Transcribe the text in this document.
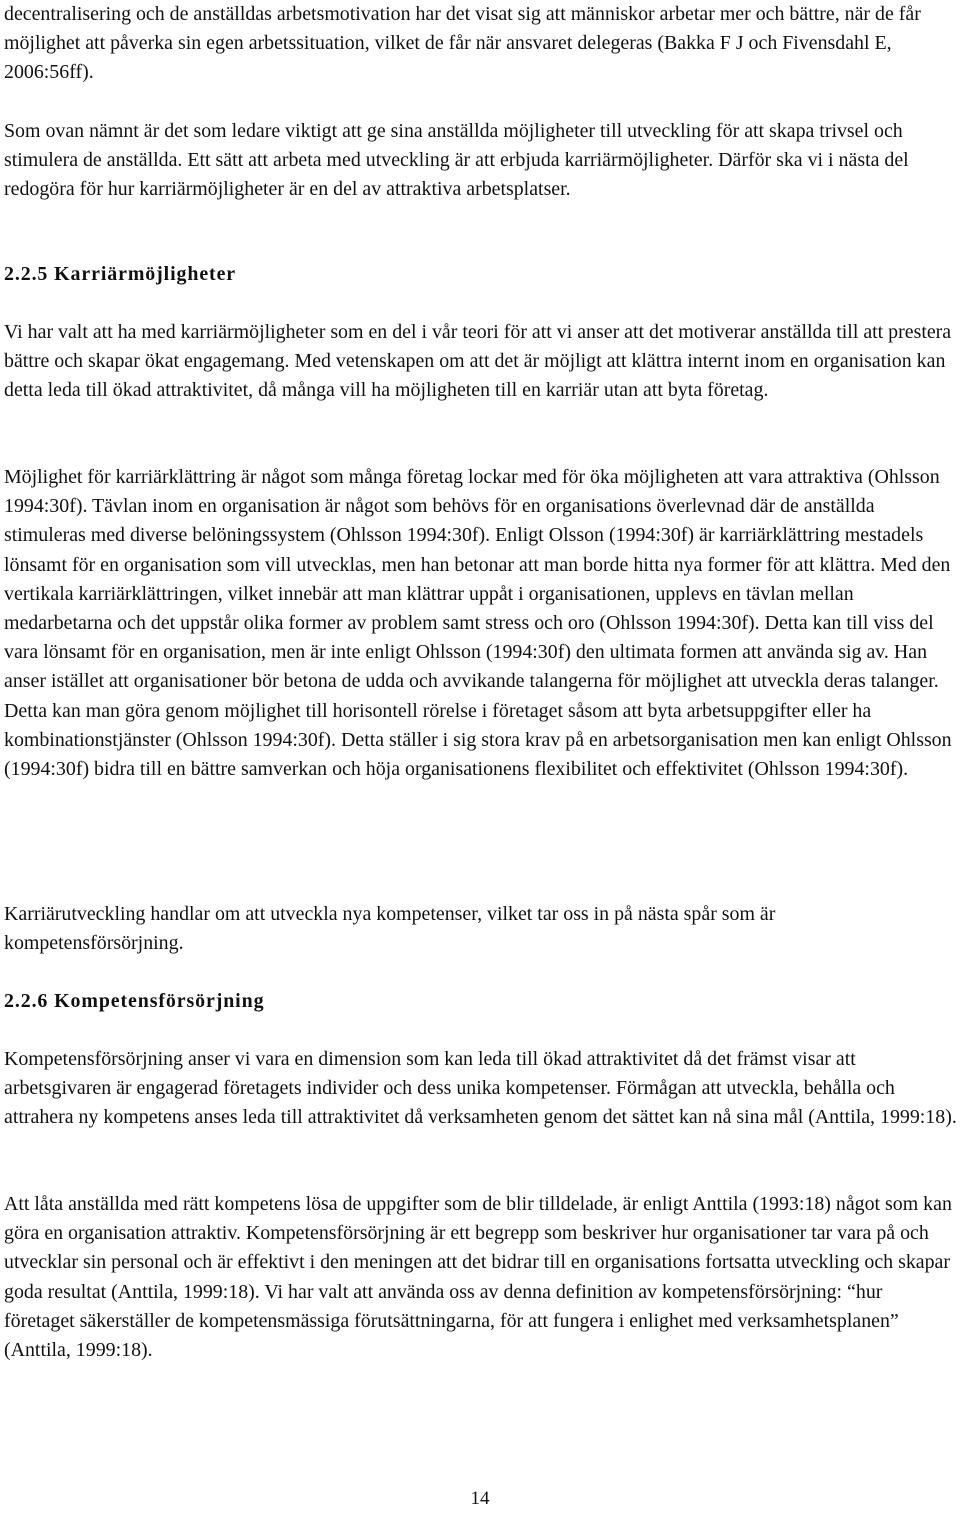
decentralisering och de anställdas arbetsmotivation har det visat sig att människor arbetar mer och bättre, när de får möjlighet att påverka sin egen arbetssituation, vilket de får när ansvaret delegeras (Bakka F J och Fivensdahl E, 2006:56ff).

Som ovan nämnt är det som ledare viktigt att ge sina anställda möjligheter till utveckling för att skapa trivsel och stimulera de anställda. Ett sätt att arbeta med utveckling är att erbjuda karriärmöjligheter. Därför ska vi i nästa del redogöra för hur karriärmöjligheter är en del av attraktiva arbetsplatser.

2.2.5 Karriärmöjligheter

Vi har valt att ha med karriärmöjligheter som en del i vår teori för att vi anser att det motiverar anställda till att prestera bättre och skapar ökat engagemang. Med vetenskapen om att det är möjligt att klättra internt inom en organisation kan detta leda till ökad attraktivitet, då många vill ha möjligheten till en karriär utan att byta företag.

Möjlighet för karriärklättring är något som många företag lockar med för öka möjligheten att vara attraktiva (Ohlsson 1994:30f). Tävlan inom en organisation är något som behövs för en organisations överlevnad där de anställda stimuleras med diverse belöningssystem (Ohlsson 1994:30f). Enligt Olsson (1994:30f) är karriärklättring mestadels lönsamt för en organisation som vill utvecklas, men han betonar att man borde hitta nya former för att klättra. Med den vertikala karriärklättringen, vilket innebär att man klättrar uppåt i organisationen, upplevs en tävlan mellan medarbetarna och det uppstår olika former av problem samt stress och oro (Ohlsson 1994:30f). Detta kan till viss del vara lönsamt för en organisation, men är inte enligt Ohlsson (1994:30f) den ultimata formen att använda sig av. Han anser istället att organisationer bör betona de udda och avvikande talangerna för möjlighet att utveckla deras talanger. Detta kan man göra genom möjlighet till horisontell rörelse i företaget såsom att byta arbetsuppgifter eller ha kombinationstjänster (Ohlsson 1994:30f). Detta ställer i sig stora krav på en arbetsorganisation men kan enligt Ohlsson (1994:30f) bidra till en bättre samverkan och höja organisationens flexibilitet och effektivitet (Ohlsson 1994:30f).

Karriärutveckling handlar om att utveckla nya kompetenser, vilket tar oss in på nästa spår som är kompetensförsörjning.

2.2.6 Kompetensförsörjning

Kompetensförsörjning anser vi vara en dimension som kan leda till ökad attraktivitet då det främst visar att arbetsgivaren är engagerad företagets individer och dess unika kompetenser. Förmågan att utveckla, behålla och attrahera ny kompetens anses leda till attraktivitet då verksamheten genom det sättet kan nå sina mål (Anttila, 1999:18).

Att låta anställda med rätt kompetens lösa de uppgifter som de blir tilldelade, är enligt Anttila (1993:18) något som kan göra en organisation attraktiv. Kompetensförsörjning är ett begrepp som beskriver hur organisationer tar vara på och utvecklar sin personal och är effektivt i den meningen att det bidrar till en organisations fortsatta utveckling och skapar goda resultat (Anttila, 1999:18). Vi har valt att använda oss av denna definition av kompetensförsörjning: “hur företaget säkerställer de kompetensmässiga förutsättningarna, för att fungera i enlighet med verksamhetsplanen” (Anttila, 1999:18).

14
